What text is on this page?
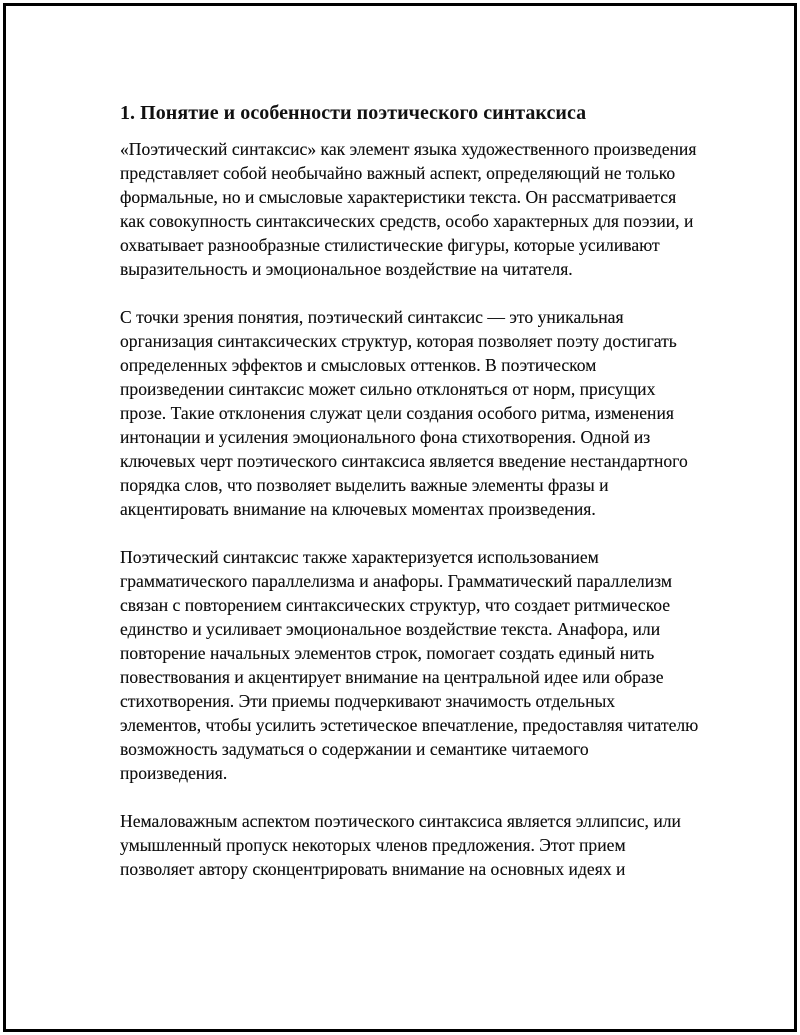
1. Понятие и особенности поэтического синтаксиса

«Поэтический синтаксис» как элемент языка художественного произведения представляет собой необычайно важный аспект, определяющий не только формальные, но и смысловые характеристики текста. Он рассматривается как совокупность синтаксических средств, особо характерных для поэзии, и охватывает разнообразные стилистические фигуры, которые усиливают выразительность и эмоциональное воздействие на читателя.

С точки зрения понятия, поэтический синтаксис — это уникальная организация синтаксических структур, которая позволяет поэту достигать определенных эффектов и смысловых оттенков. В поэтическом произведении синтаксис может сильно отклоняться от норм, присущих прозе. Такие отклонения служат цели создания особого ритма, изменения интонации и усиления эмоционального фона стихотворения. Одной из ключевых черт поэтического синтаксиса является введение нестандартного порядка слов, что позволяет выделить важные элементы фразы и акцентировать внимание на ключевых моментах произведения.

Поэтический синтаксис также характеризуется использованием грамматического параллелизма и анафоры. Грамматический параллелизм связан с повторением синтаксических структур, что создает ритмическое единство и усиливает эмоциональное воздействие текста. Анафора, или повторение начальных элементов строк, помогает создать единый нить повествования и акцентирует внимание на центральной идее или образе стихотворения. Эти приемы подчеркивают значимость отдельных элементов, чтобы усилить эстетическое впечатление, предоставляя читателю возможность задуматься о содержании и семантике читаемого произведения.

Немаловажным аспектом поэтического синтаксиса является эллипсис, или умышленный пропуск некоторых членов предложения. Этот прием позволяет автору сконцентрировать внимание на основных идеях и
